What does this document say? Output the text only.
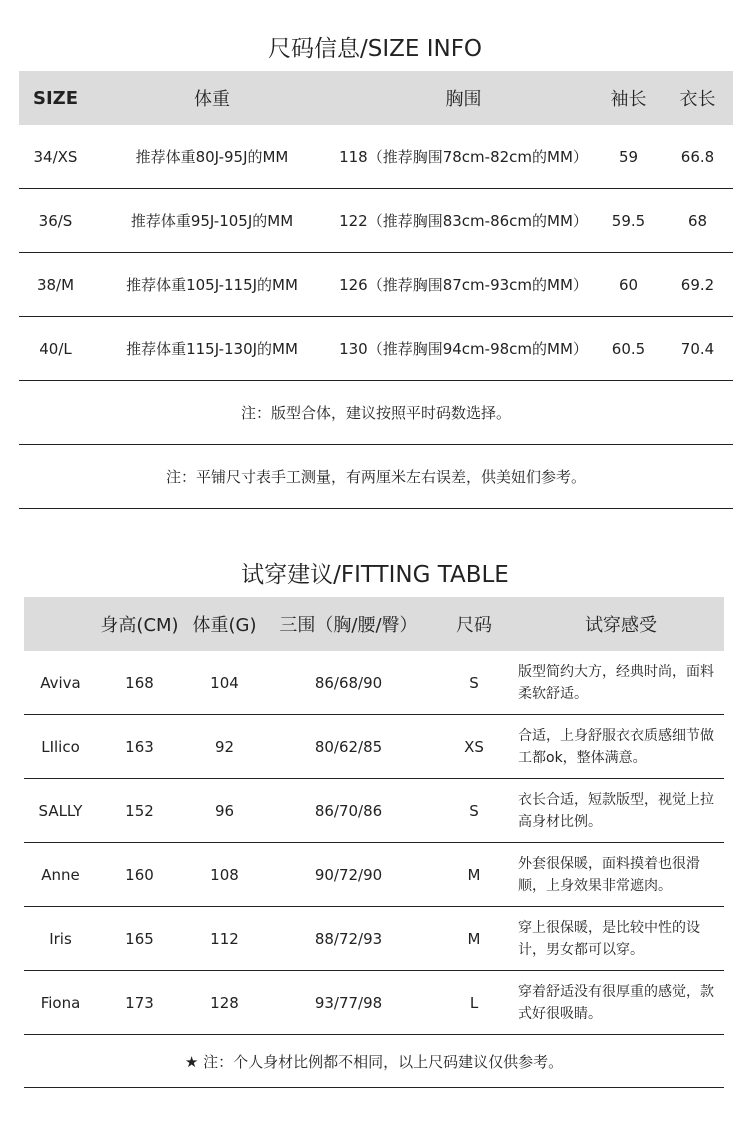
尺码信息/SIZE INFO
SIZE	体重	胸围	袖长	衣长
34/XS	推荐体重80J-95J的MM	118（推荐胸围78cm-82cm的MM）	59	66.8
36/S	推荐体重95J-105J的MM	122（推荐胸围83cm-86cm的MM）	59.5	68
38/M	推荐体重105J-115J的MM	126（推荐胸围87cm-93cm的MM）	60	69.2
40/L	推荐体重115J-130J的MM	130（推荐胸围94cm-98cm的MM）	60.5	70.4
注：版型合体，建议按照平时码数选择。				
注：平铺尺寸表手工测量，有两厘米左右误差，供美妞们参考。				
试穿建议/FITTING TABLE
	身高(CM)	体重(G)	三围（胸/腰/臀）	尺码	试穿感受
Aviva	168	104	86/68/90	S	版型简约大方，经典时尚，面料柔软舒适。
LIlico	163	92	80/62/85	XS	合适，上身舒服衣衣质感细节做工都ok，整体满意。
SALLY	152	96	86/70/86	S	衣长合适，短款版型，视觉上拉高身材比例。
Anne	160	108	90/72/90	M	外套很保暖，面料摸着也很滑顺，上身效果非常遮肉。
Iris	165	112	88/72/93	M	穿上很保暖，是比较中性的设计，男女都可以穿。
Fiona	173	128	93/77/98	L	穿着舒适没有很厚重的感觉，款式好很吸睛。
★ 注：个人身材比例都不相同，以上尺码建议仅供参考。					
